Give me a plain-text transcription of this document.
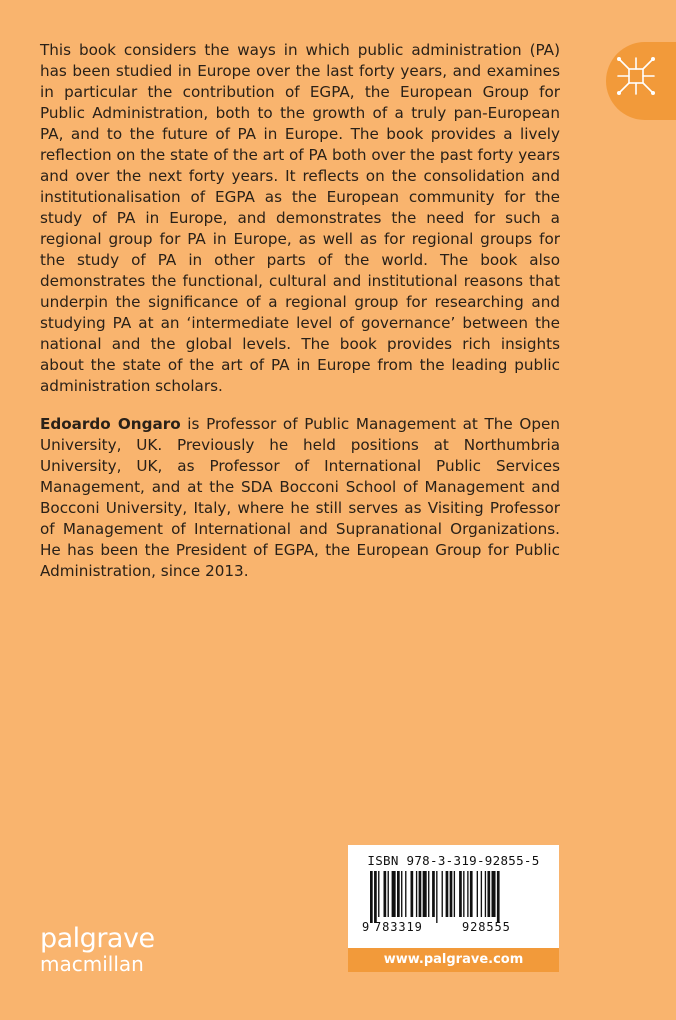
This book considers the ways in which public administration (PA) has been studied in Europe over the last forty years, and examines in particular the contribution of EGPA, the European Group for Public Administration, both to the growth of a truly pan-European PA, and to the future of PA in Europe. The book provides a lively reflection on the state of the art of PA both over the past forty years and over the next forty years. It reflects on the consolidation and institutionalisation of EGPA as the European community for the study of PA in Europe, and demonstrates the need for such a regional group for PA in Europe, as well as for regional groups for the study of PA in other parts of the world. The book also demonstrates the functional, cultural and institutional reasons that underpin the significance of a regional group for researching and studying PA at an ‘intermediate level of governance’ between the national and the global levels. The book provides rich insights about the state of the art of PA in Europe from the leading public administration scholars.

Edoardo Ongaro is Professor of Public Management at The Open University, UK. Previously he held positions at Northumbria University, UK, as Professor of International Public Services Management, and at the SDA Bocconi School of Management and Bocconi University, Italy, where he still serves as Visiting Professor of Management of International and Supranational Organizations. He has been the President of EGPA, the European Group for Public Administration, since 2013.

palgrave
macmillan
ISBN 978-3-319-92855-5
9 783319	928555
www.palgrave.com
